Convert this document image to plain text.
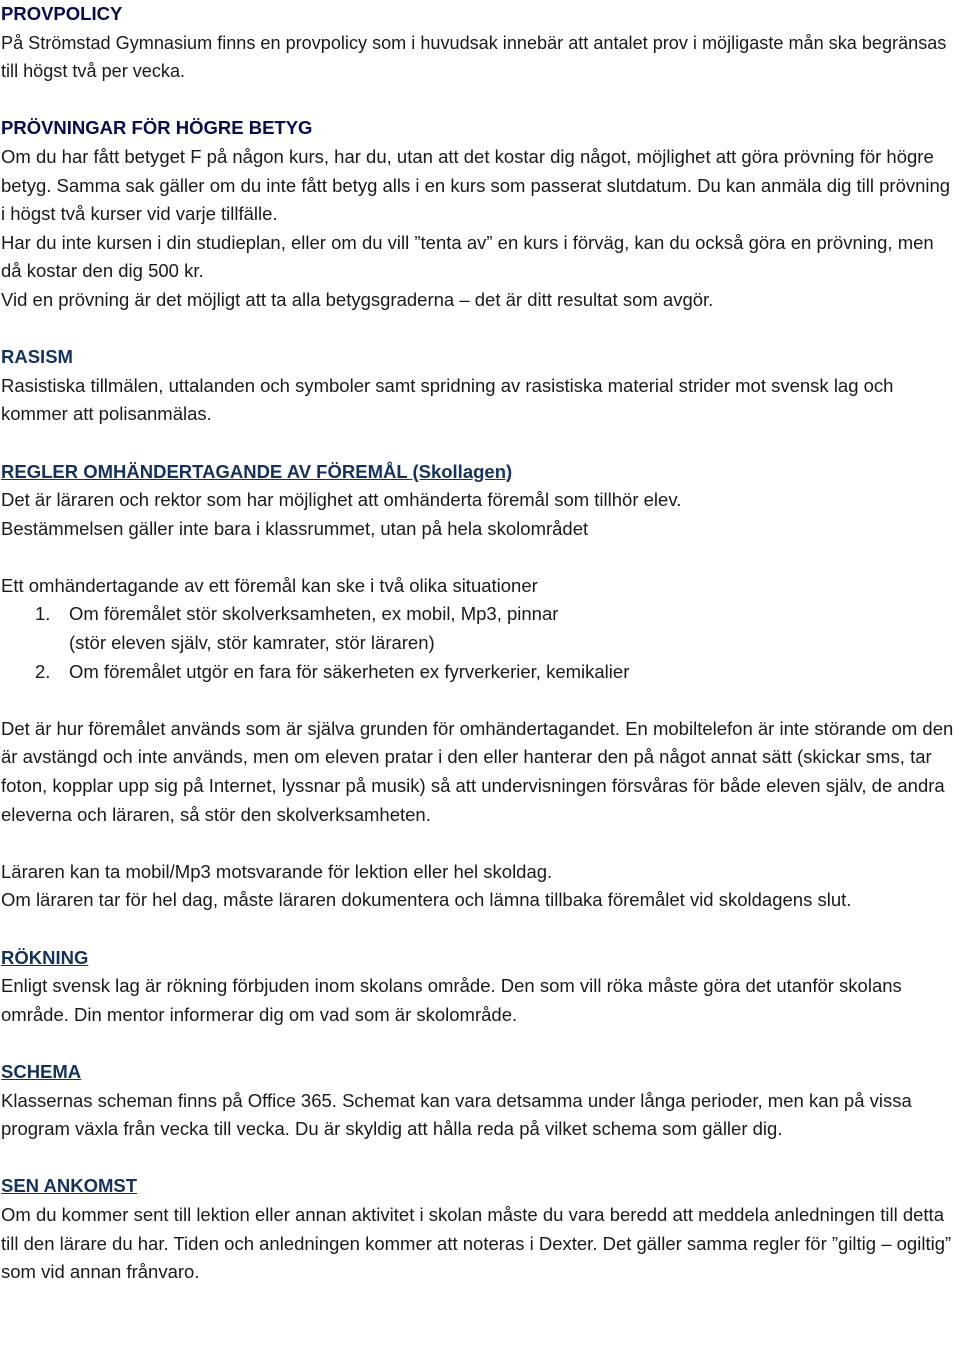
PROVPOLICY
På Strömstad Gymnasium finns en provpolicy som i huvudsak innebär att antalet prov i möjligaste mån ska begränsas till högst två per vecka.
PRÖVNINGAR FÖR HÖGRE BETYG
Om du har fått betyget F på någon kurs, har du, utan att det kostar dig något, möjlighet att göra prövning för högre betyg. Samma sak gäller om du inte fått betyg alls i en kurs som passerat slutdatum. Du kan anmäla dig till prövning i högst två kurser vid varje tillfälle.
Har du inte kursen i din studieplan, eller om du vill ”tenta av” en kurs i förväg, kan du också göra en prövning, men då kostar den dig 500 kr.
Vid en prövning är det möjligt att ta alla betygsgraderna – det är ditt resultat som avgör.
RASISM
Rasistiska tillmälen, uttalanden och symboler samt spridning av rasistiska material strider mot svensk lag och kommer att polisanmälas.
REGLER OMHÄNDERTAGANDE AV FÖREMÅL (Skollagen)
Det är läraren och rektor som har möjlighet att omhänderta föremål som tillhör elev.
Bestämmelsen gäller inte bara i klassrummet, utan på hela skolområdet
Ett omhändertagande av ett föremål kan ske i två olika situationer
1.	Om föremålet stör skolverksamheten, ex mobil, Mp3, pinnar
(stör eleven själv, stör kamrater, stör läraren)
2.	Om föremålet utgör en fara för säkerheten ex fyrverkerier, kemikalier
Det är hur föremålet används som är själva grunden för omhändertagandet. En mobiltelefon är inte störande om den är avstängd och inte används, men om eleven pratar i den eller hanterar den på något annat sätt (skickar sms, tar foton, kopplar upp sig på Internet, lyssnar på musik) så att undervisningen försvåras för både eleven själv, de andra eleverna och läraren, så stör den skolverksamheten.
Läraren kan ta mobil/Mp3 motsvarande för lektion eller hel skoldag.
Om läraren tar för hel dag, måste läraren dokumentera och lämna tillbaka föremålet vid skoldagens slut.
RÖKNING
Enligt svensk lag är rökning förbjuden inom skolans område. Den som vill röka måste göra det utanför skolans område. Din mentor informerar dig om vad som är skolområde.
SCHEMA
Klassernas scheman finns på Office 365. Schemat kan vara detsamma under långa perioder, men kan på vissa program växla från vecka till vecka. Du är skyldig att hålla reda på vilket schema som gäller dig.
SEN ANKOMST
Om du kommer sent till lektion eller annan aktivitet i skolan måste du vara beredd att meddela anledningen till detta till den lärare du har. Tiden och anledningen kommer att noteras i Dexter. Det gäller samma regler för ”giltig – ogiltig” som vid annan frånvaro.
